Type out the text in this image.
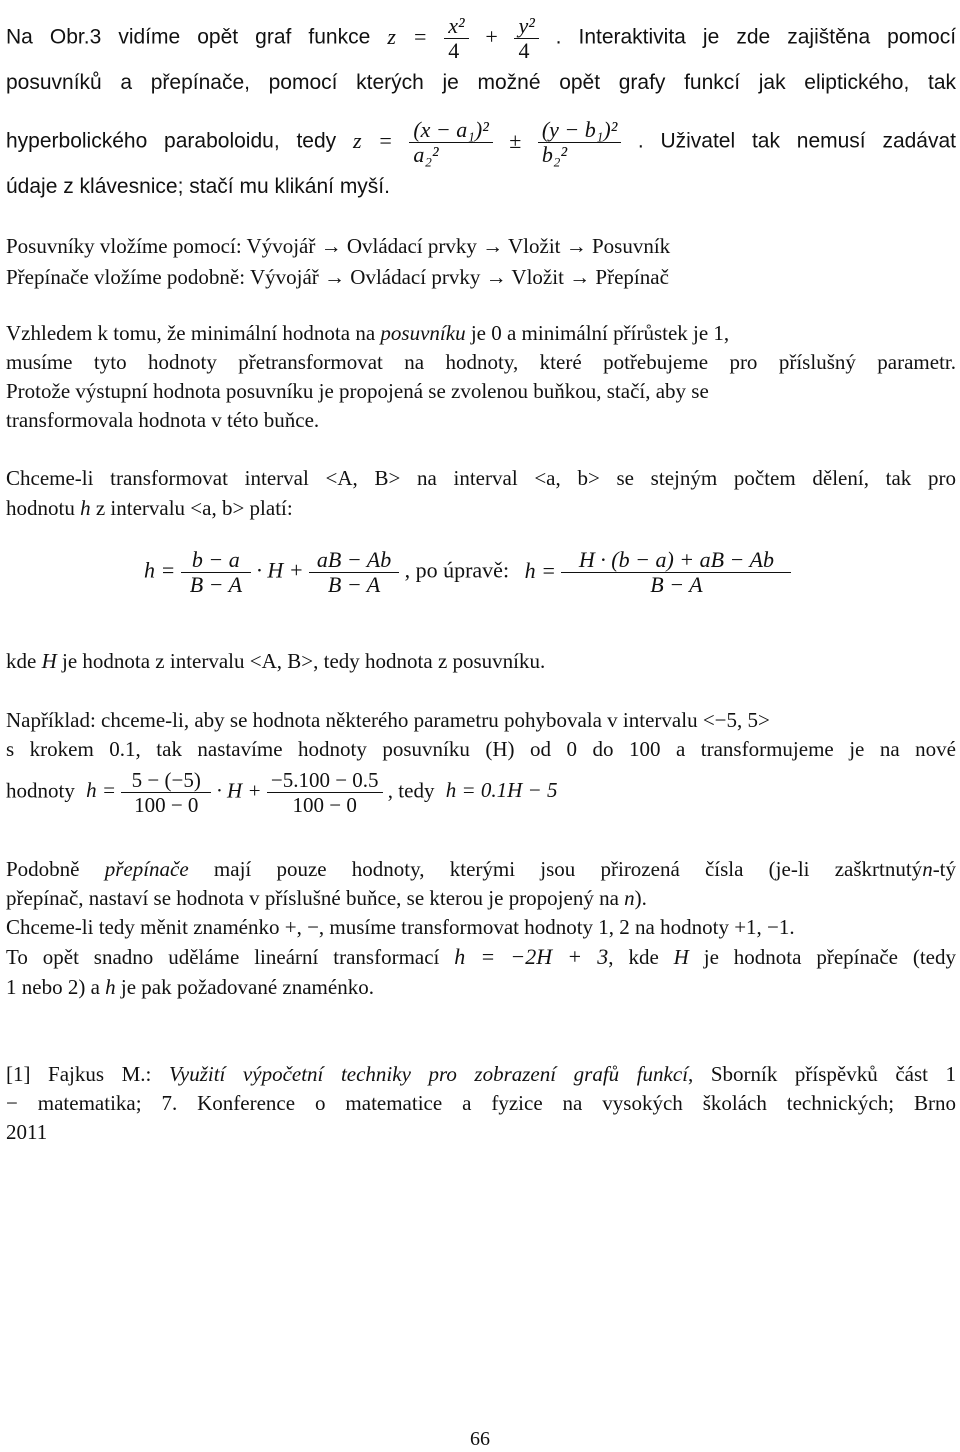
Na Obr.3 vidíme opět graf funkce $z = \frac{\text{x²}}{4} + \frac{\text{y²}}{4}$ . Interaktivita je zde zajištěna pomocí
posuvníků a přepínače, pomocí kterých je možné opět grafy funkcí jak eliptického, tak
hyperbolického paraboloidu, tedy $z = \frac{\text{(x − a₁)²}}{\text{a₂²}} \pm \frac{\text{(y − b₁)²}}{\text{b₂²}}$ . Uživatel tak nemusí zadávat
údaje z klávesnice; stačí mu klikání myší.
Posuvníky vložíme pomocí: Vývojář → Ovládací prvky → Vložit → Posuvník
Přepínače vložíme podobně: Vývojář → Ovládací prvky → Vložit → Přepínač
Vzhledem k tomu, že minimální hodnota na posuvníku je 0 a minimální přírůstek je 1,
musíme tyto hodnoty přetransformovat na hodnoty, které potřebujeme pro příslušný parametr.
Protože výstupní hodnota posuvníku je propojená se zvolenou buňkou, stačí, aby se
transformovala hodnota v této buňce.
Chceme-li transformovat interval <A, B> na interval <a, b> se stejným počtem dělení, tak pro
hodnotu h z intervalu <a, b> platí:
$h = \frac{b - a}{B - A} \cdot H + \frac{aB - Ab}{B - A}$ , po úpravě: $h = \frac{H \cdot (b - a) + aB - Ab}{B - A}$
kde H je hodnota z intervalu <A, B>, tedy hodnota z posuvníku.
Například: chceme-li, aby se hodnota některého parametru pohybovala v intervalu <−5, 5>
s krokem 0.1, tak nastavíme hodnoty posuvníku (H) od 0 do 100 a transformujeme je na nové
hodnoty $h = \frac{5 - (-5)}{100 - 0} \cdot H + \frac{-5.100 - 0.5}{100 - 0}$ , tedy h = 0.1H − 5
Podobně přepínače mají pouze hodnoty, kterými jsou přirozená čísla (je-li zaškrtnutýn-tý
přepínač, nastaví se hodnota v příslušné buňce, se kterou je propojený na n).
Chceme-li tedy měnit znaménko +, −, musíme transformovat hodnoty 1, 2 na hodnoty +1, −1.
To opět snadno uděláme lineární transformací h = −2H + 3, kde H je hodnota přepínače (tedy
1 nebo 2) a h je pak požadované znaménko.
[1] Fajkus M.: Využití výpočetní techniky pro zobrazení grafů funkcí, Sborník příspěvků část 1
− matematika; 7. Konference o matematice a fyzice na vysokých školách technických; Brno
2011
66
